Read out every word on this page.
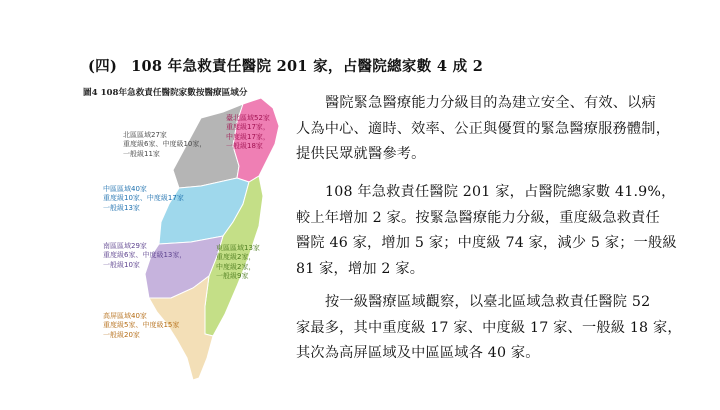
(四) 108 年急救責任醫院 201 家，占醫院總家數 4 成 2
圖4 108年急救責任醫院家數按醫療區域分
臺北區域52家
重度級17家，
中度級17家，
一般級18家
北區區域27家
重度級6家、中度級10家，
一般級11家
中區區域40家
重度級10家、中度級17家
一般級13家
南區區域29家
重度級6家、中度級13家，
一般級10家
東區區域13家
重度級2家，
中度級2家，
一般級9家
高屏區域40家
重度級5家、中度級15家
一般級20家
醫院緊急醫療能力分級目的為建立安全、有效、以病
人為中心、適時、效率、公正與優質的緊急醫療服務體制，
提供民眾就醫參考。
108 年急救責任醫院 201 家，占醫院總家數 41.9%，
較上年增加 2 家。按緊急醫療能力分級，重度級急救責任
醫院 46 家，增加 5 家；中度級 74 家，減少 5 家；一般級
81 家，增加 2 家。
按一級醫療區域觀察，以臺北區域急救責任醫院 52
家最多，其中重度級 17 家、中度級 17 家、一般級 18 家，
其次為高屏區域及中區區域各 40 家。
